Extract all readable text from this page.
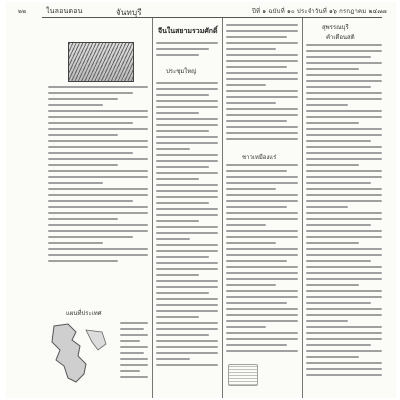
๒๒	ในลอนดอน	จันทบุรี	ปีที่ ๑ ฉบับที่ ๑๐ ประจำวันที่ ๑๖ กรกฎาคม ๒๔๗๗
แผนที่ประเทศ
จีนในสยามรวมศักดิ์
ประชุมใหญ่
ชาวเหมืองแร่
สุพรรณบุรี
คำเตือนสติ
